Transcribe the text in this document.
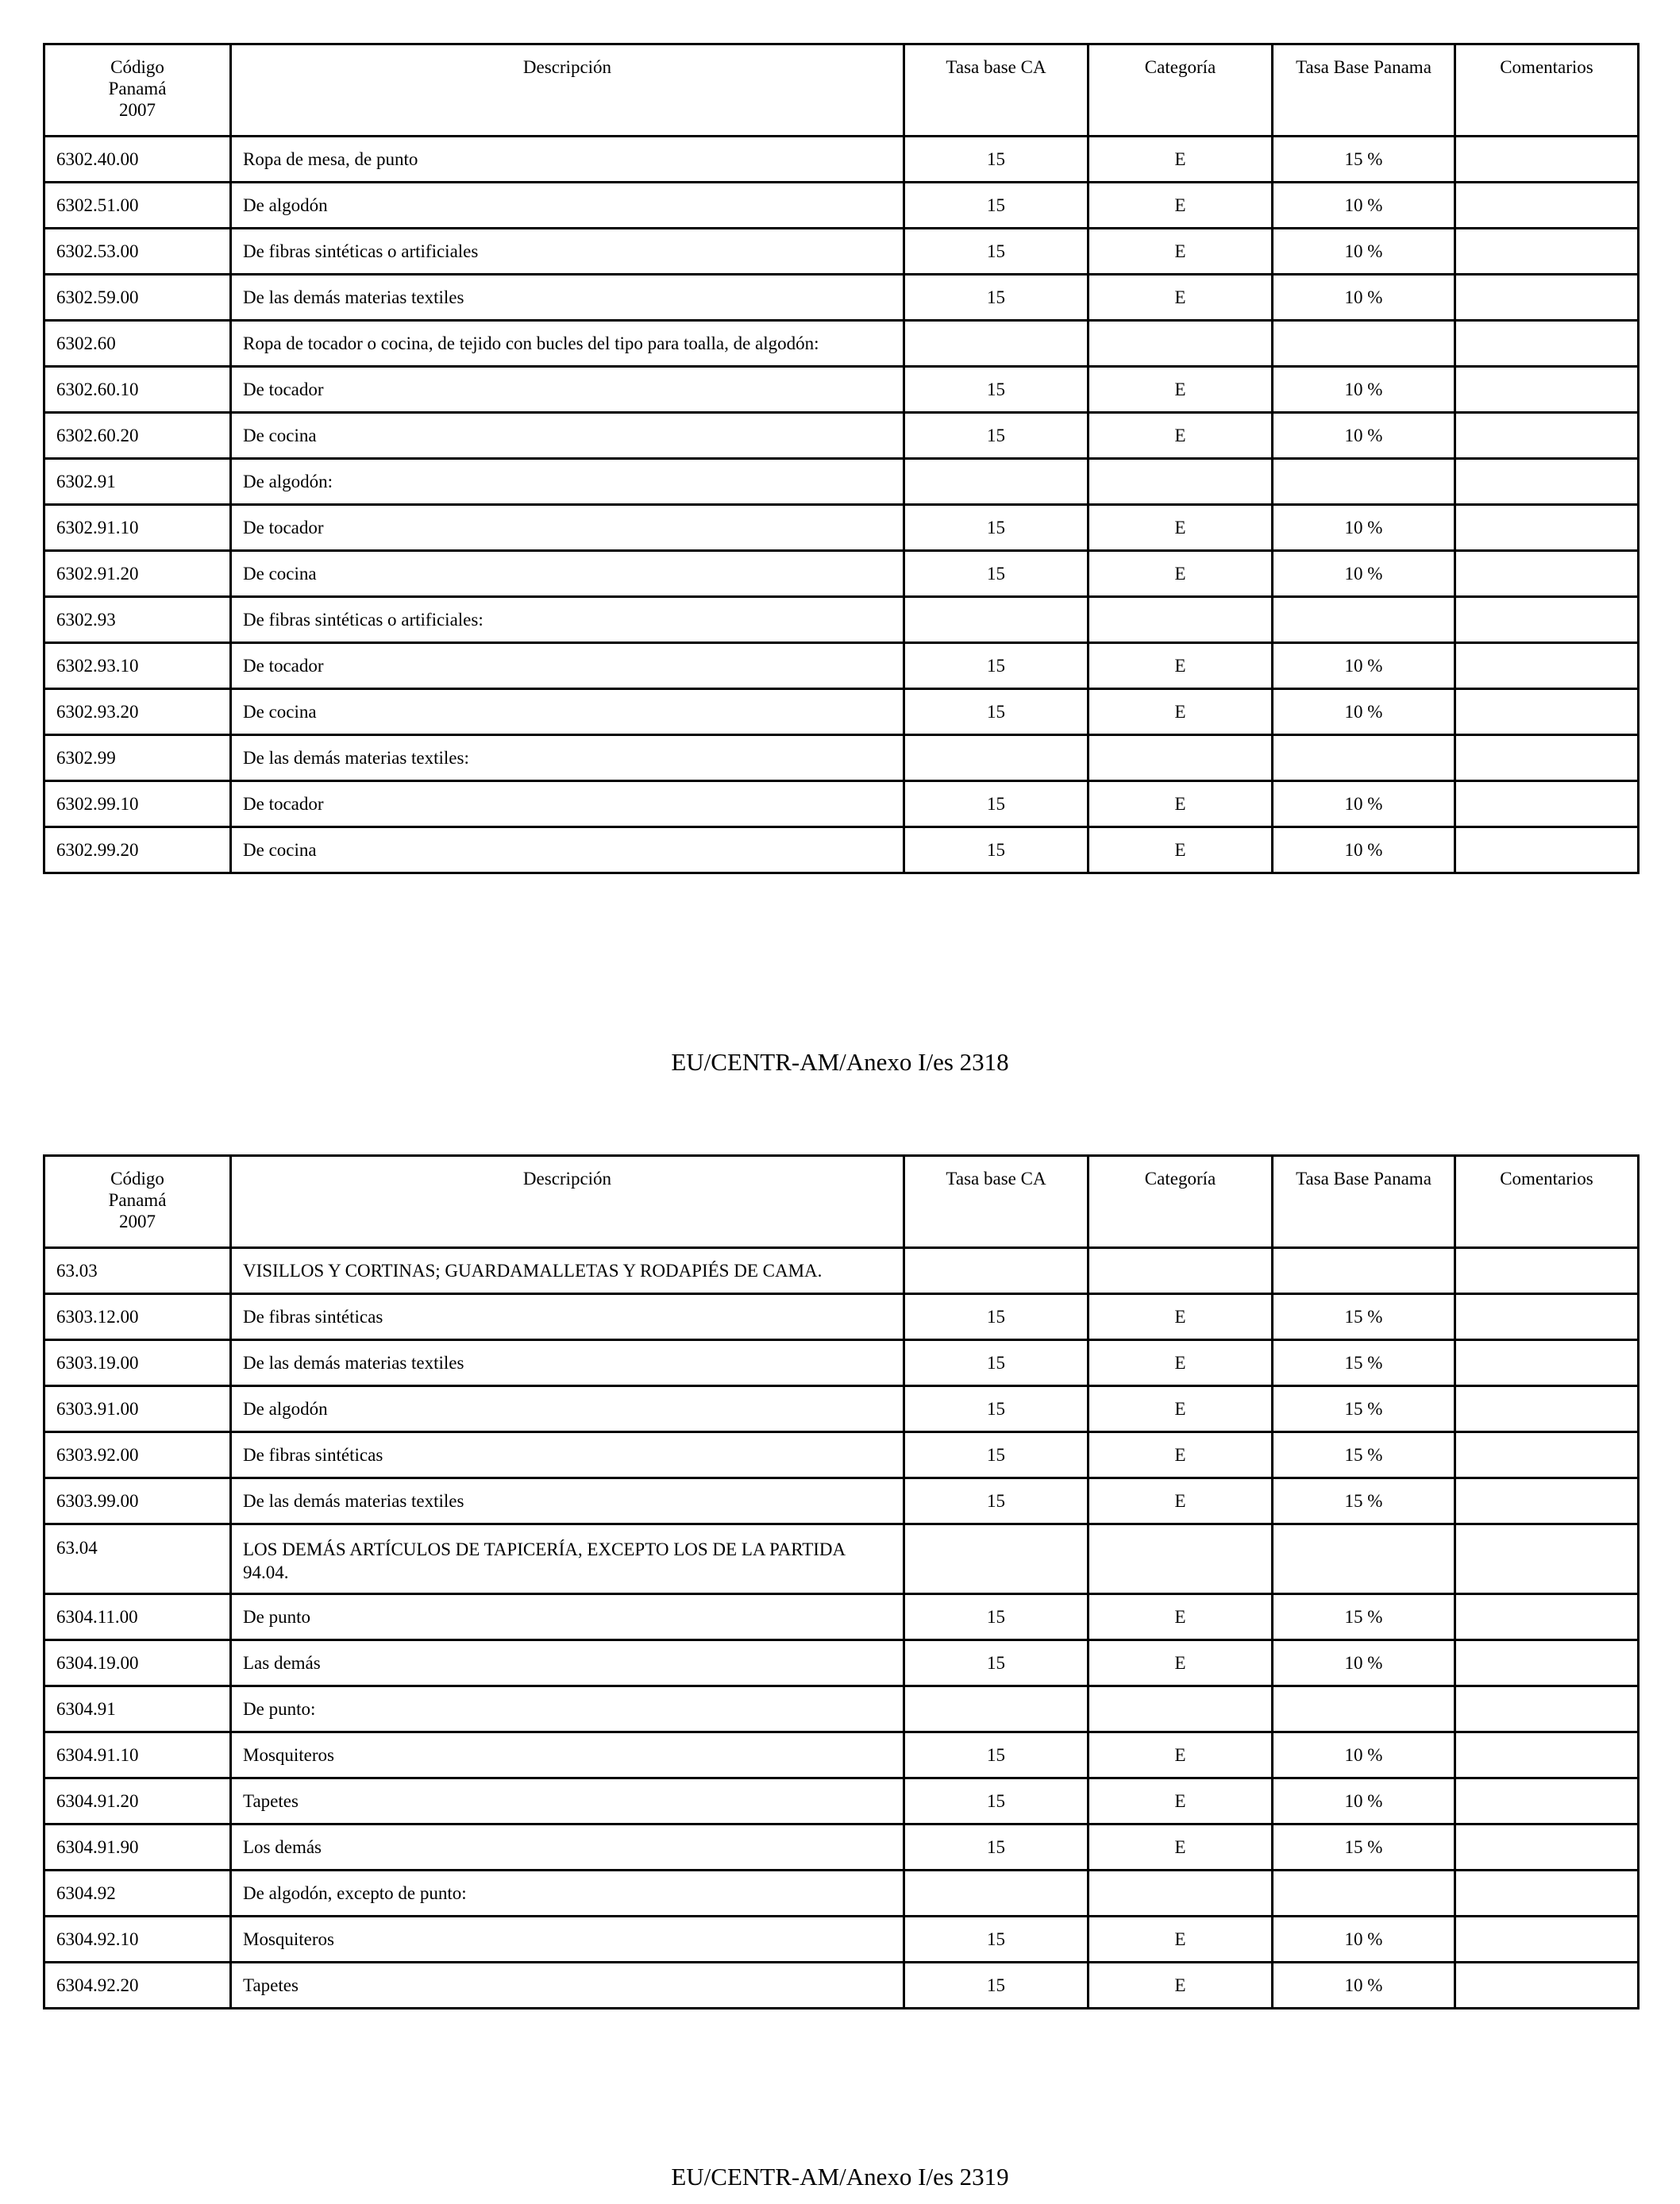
Código
Panamá
2007	Descripción	Tasa base CA	Categoría	Tasa Base Panama	Comentarios
6302.40.00	Ropa de mesa, de punto	15	E	15 %	
6302.51.00	De algodón	15	E	10 %	
6302.53.00	De fibras sintéticas o artificiales	15	E	10 %	
6302.59.00	De las demás materias textiles	15	E	10 %	
6302.60	Ropa de tocador o cocina, de tejido con bucles del tipo para toalla, de algodón:				
6302.60.10	De tocador	15	E	10 %	
6302.60.20	De cocina	15	E	10 %	
6302.91	De algodón:				
6302.91.10	De tocador	15	E	10 %	
6302.91.20	De cocina	15	E	10 %	
6302.93	De fibras sintéticas o artificiales:				
6302.93.10	De tocador	15	E	10 %	
6302.93.20	De cocina	15	E	10 %	
6302.99	De las demás materias textiles:				
6302.99.10	De tocador	15	E	10 %	
6302.99.20	De cocina	15	E	10 %	
EU/CENTR-AM/Anexo I/es 2318
Código
Panamá
2007	Descripción	Tasa base CA	Categoría	Tasa Base Panama	Comentarios
63.03	VISILLOS Y CORTINAS; GUARDAMALLETAS Y RODAPIÉS DE CAMA.				
6303.12.00	De fibras sintéticas	15	E	15 %	
6303.19.00	De las demás materias textiles	15	E	15 %	
6303.91.00	De algodón	15	E	15 %	
6303.92.00	De fibras sintéticas	15	E	15 %	
6303.99.00	De las demás materias textiles	15	E	15 %	
63.04	LOS DEMÁS ARTÍCULOS DE TAPICERÍA, EXCEPTO LOS DE LA PARTIDA 94.04.				
6304.11.00	De punto	15	E	15 %	
6304.19.00	Las demás	15	E	10 %	
6304.91	De punto:				
6304.91.10	Mosquiteros	15	E	10 %	
6304.91.20	Tapetes	15	E	10 %	
6304.91.90	Los demás	15	E	15 %	
6304.92	De algodón, excepto de punto:				
6304.92.10	Mosquiteros	15	E	10 %	
6304.92.20	Tapetes	15	E	10 %	
EU/CENTR-AM/Anexo I/es 2319
